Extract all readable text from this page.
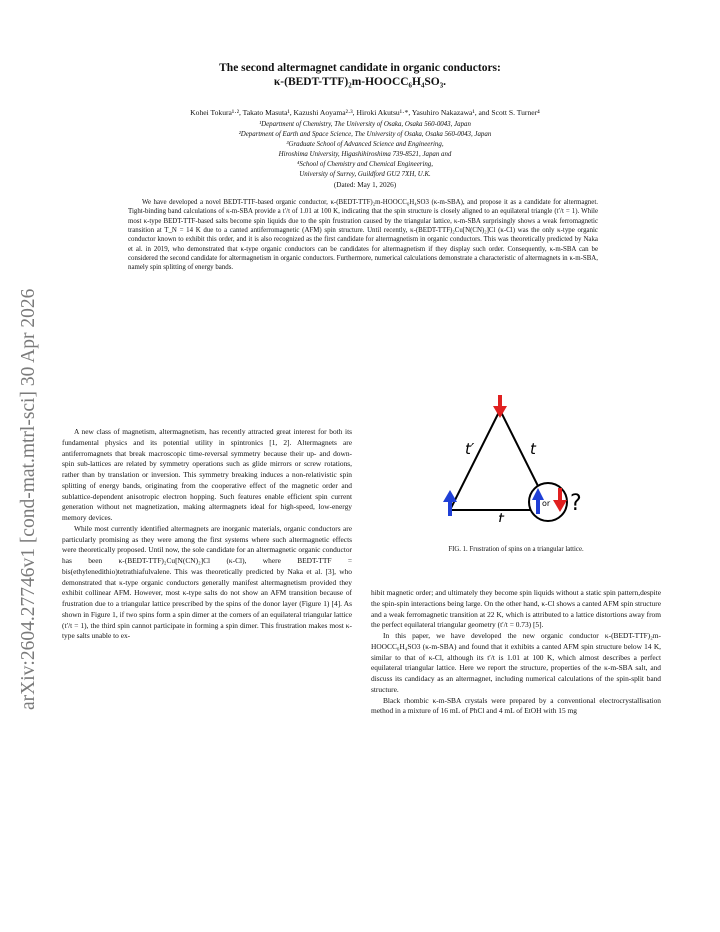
arXiv:2604.27746v1 [cond-mat.mtrl-sci] 30 Apr 2026
The second altermagnet candidate in organic conductors:
κ-(BEDT-TTF)₂m-HOOCC₆H₄SO₃.
Kohei Tokura¹·², Takato Masuta¹, Kazushi Aoyama²·³, Hiroki Akutsu¹·*, Yasuhiro Nakazawa¹, and Scott S. Turner⁴
¹Department of Chemistry, The University of Osaka, Osaka 560-0043, Japan
²Department of Earth and Space Science, The University of Osaka, Osaka 560-0043, Japan
³Graduate School of Advanced Science and Engineering,
Hiroshima University, Higashihiroshima 739-8521, Japan and
⁴School of Chemistry and Chemical Engineering,
University of Surrey, Guildford GU2 7XH, U.K.
(Dated: May 1, 2026)
We have developed a novel BEDT-TTF-based organic conductor, κ-(BEDT-TTF)₂m-HOOCC₆H₄SO3 (κ-m-SBA), and propose it as a candidate for altermagnet. Tight-binding band calculations of κ-m-SBA provide a t′/t of 1.01 at 100 K, indicating that the spin structure is closely aligned to an equilateral triangle (t′/t = 1). While most κ-type BEDT-TTF-based salts become spin liquids due to the spin frustration caused by the triangular lattice, κ-m-SBA surprisingly shows a weak ferromagnetic transition at T_N = 14 K due to a canted antiferromagnetic (AFM) spin structure. Until recently, κ-(BEDT-TTF)₂Cu[N(CN)₂]Cl (κ-Cl) was the only κ-type organic conductor known to exhibit this order, and it is also recognized as the first candidate for altermagnetism in organic conductors. This was theoretically predicted by Naka et al. in 2019, who demonstrated that κ-type organic conductors can be candidates for altermagnetism if they display such order. Consequently, κ-m-SBA can be considered the second candidate for altermagnetism in organic conductors. Furthermore, numerical calculations demonstrate a characteristic of altermagnets in κ-m-SBA, namely spin splitting of energy bands.

A new class of magnetism, altermagnetism, has recently attracted great interest for both its fundamental physics and its potential utility in spintronics [1, 2]. Altermagnets are antiferromagnets that break macroscopic time-reversal symmetry because their up- and down-spin sub-lattices are related by symmetry operations such as glide mirrors or screw rotations, rather than by translation or inversion. This symmetry breaking induces a non-relativistic spin splitting of energy bands, originating from the cooperative effect of the magnetic order and sublattice-dependent anisotropic electron hopping. Such features enable efficient spin current generation without net magnetization, making altermagnets ideal for high-speed, low-energy memory devices.

While most currently identified altermagnets are inorganic materials, organic conductors are particularly promising as they were among the first systems where such altermagnetic effects were theoretically proposed. Until now, the sole candidate for an altermagnetic organic conductor has been κ-(BEDT-TTF)₂Cu[N(CN)₂]Cl (κ-Cl), where BEDT-TTF = bis(ethylenedithio)tetrathiafulvalene. This was theoretically predicted by Naka et al. [3], who demonstrated that κ-type organic conductors generally manifest altermagnetism provided they exhibit collinear AFM. However, most κ-type salts do not show an AFM transition because of frustration due to a triangular lattice prescribed by the spins of the donor layer (Figure 1) [4]. As shown in Figure 1, if two spins form a spin dimer at the corners of an equilateral triangular lattice (t′/t = 1), the third spin cannot participate in forming a spin dimer. This frustration makes most κ-type salts unable to ex-

t′	t
t
or ?
FIG. 1. Frustration of spins on a triangular lattice.

hibit magnetic order; and ultimately they become spin liquids without a static spin pattern,despite the spin-spin interactions being large. On the other hand, κ-Cl shows a canted AFM spin structure and a weak ferromagnetic transition at 22 K, which is attributed to a lattice distortions away from the perfect equilateral triangular geometry (t′/t = 0.73) [5].

In this paper, we have developed the new organic conductor κ-(BEDT-TTF)₂m-HOOCC₆H₄SO3 (κ-m-SBA) and found that it exhibits a canted AFM spin structure below 14 K, similar to that of κ-Cl, although its t′/t is 1.01 at 100 K, which almost describes a perfect equilateral triangular lattice. Here we report the structure, properties of the κ-m-SBA salt, and discuss its candidacy as an altermagnet, including numerical calculations of the spin-split band structure.

Black rhombic κ-m-SBA crystals were prepared by a conventional electrocrystallisation method in a mixture of 16 mL of PhCl and 4 mL of EtOH with 15 mg
